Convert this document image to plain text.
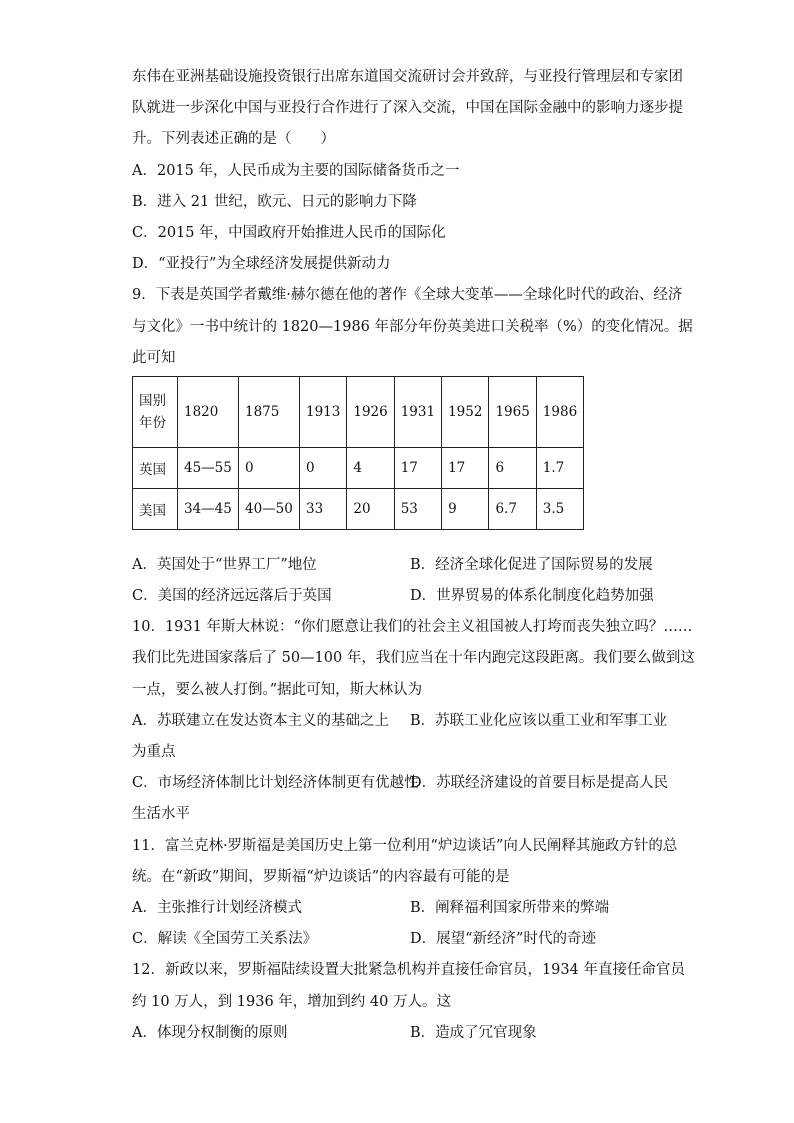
东伟在亚洲基础设施投资银行出席东道国交流研讨会并致辞，与亚投行管理层和专家团
队就进一步深化中国与亚投行合作进行了深入交流，中国在国际金融中的影响力逐步提
升。下列表述正确的是（　　）
A．2015 年，人民币成为主要的国际储备货币之一
B．进入 21 世纪，欧元、日元的影响力下降
C．2015 年，中国政府开始推进人民币的国际化
D．“亚投行”为全球经济发展提供新动力
9．下表是英国学者戴维·赫尔德在他的著作《全球大变革——全球化时代的政治、经济
与文化》一书中统计的 1820—1986 年部分年份英美进口关税率（%）的变化情况。据
此可知
国别
年份	1820	1875	1913	1926	1931	1952	1965	1986
英国	45—55	0	0	4	17	17	6	1.7
美国	34—45	40—50	33	20	53	9	6.7	3.5
A．英国处于“世界工厂”地位	B．经济全球化促进了国际贸易的发展
C．美国的经济远远落后于英国	D．世界贸易的体系化制度化趋势加强
10．1931 年斯大林说：“你们愿意让我们的社会主义祖国被人打垮而丧失独立吗？……
我们比先进国家落后了 50—100 年，我们应当在十年内跑完这段距离。我们要么做到这
一点，要么被人打倒。”据此可知，斯大林认为
A．苏联建立在发达资本主义的基础之上	B．苏联工业化应该以重工业和军事工业
为重点
C．市场经济体制比计划经济体制更有优越性
D．苏联经济建设的首要目标是提高人民
生活水平
11．富兰克林·罗斯福是美国历史上第一位利用“炉边谈话”向人民阐释其施政方针的总
统。在“新政”期间，罗斯福“炉边谈话”的内容最有可能的是
A．主张推行计划经济模式	B．阐释福利国家所带来的弊端
C．解读《全国劳工关系法》	D．展望“新经济”时代的奇迹
12．新政以来，罗斯福陆续设置大批紧急机构并直接任命官员，1934 年直接任命官员
约 10 万人，到 1936 年，增加到约 40 万人。这
A．体现分权制衡的原则	B．造成了冗官现象
